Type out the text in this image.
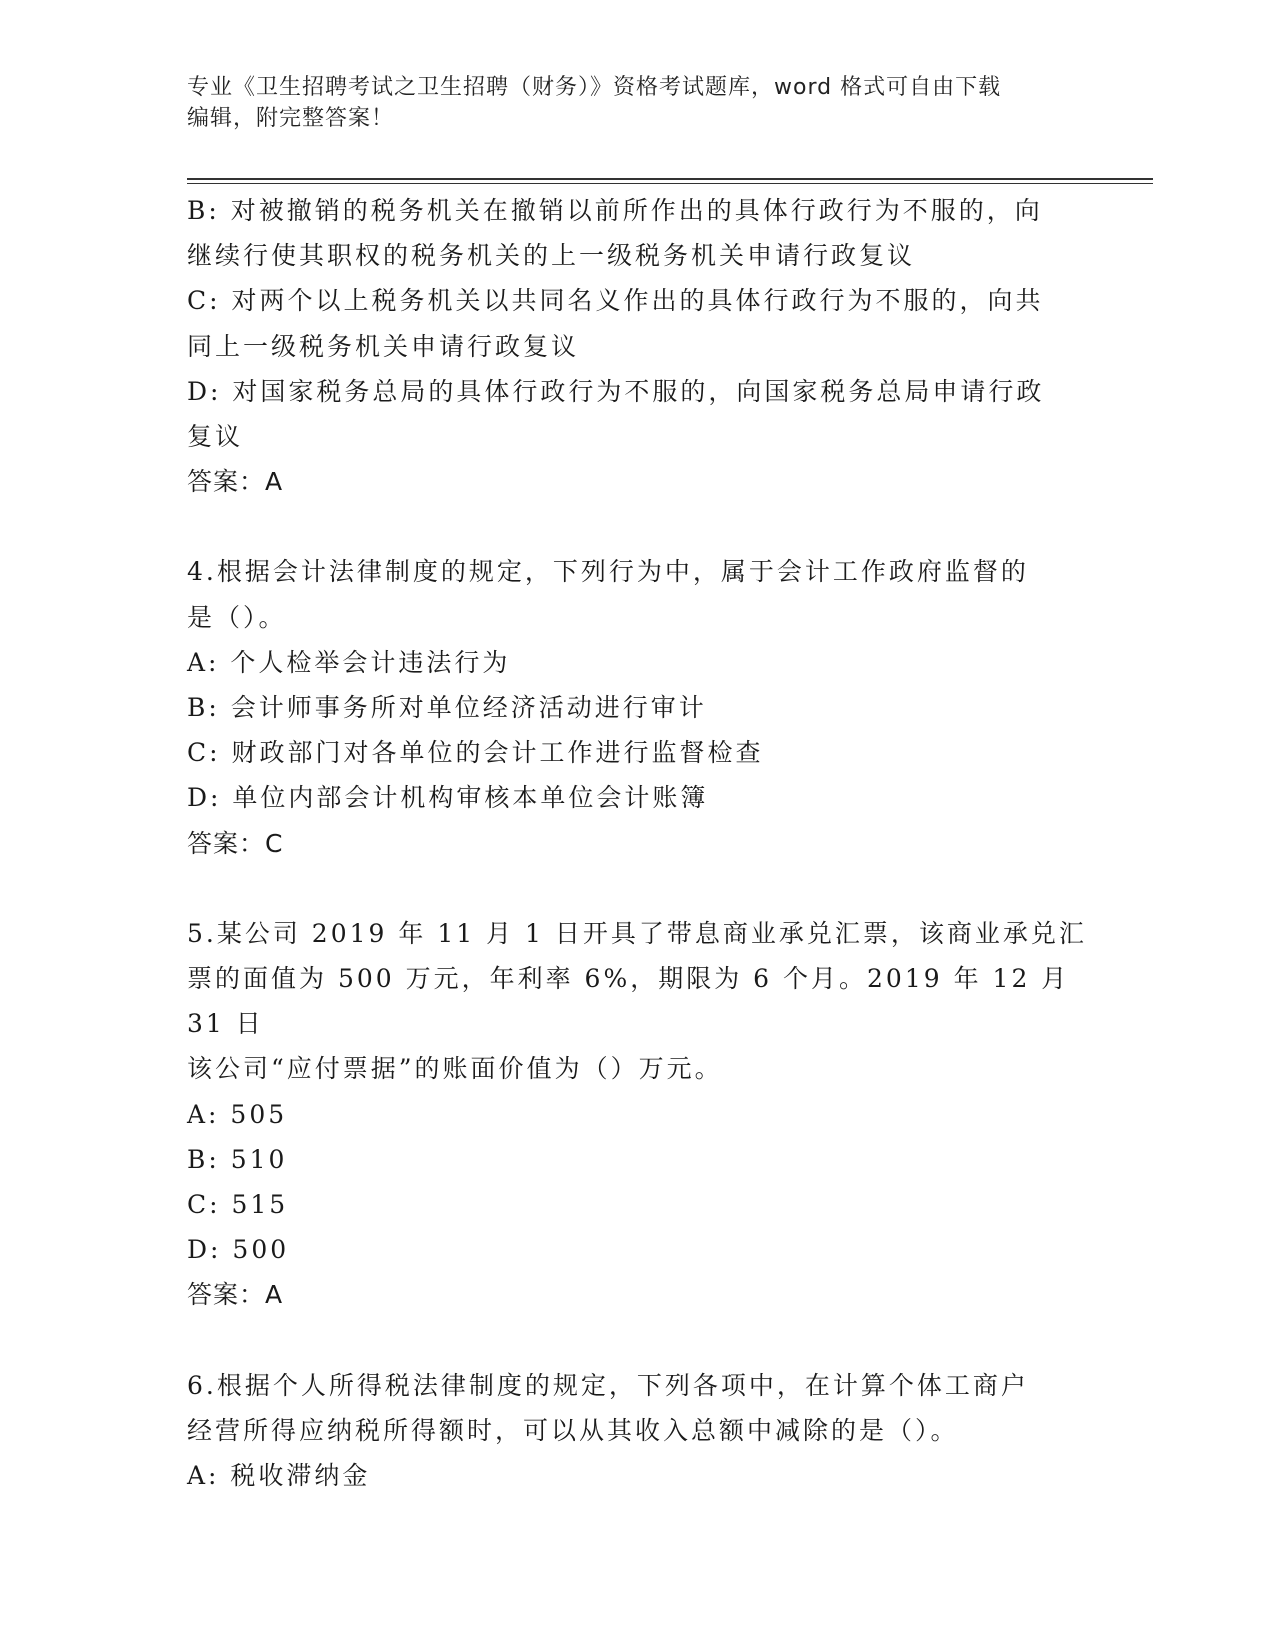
专业《卫生招聘考试之卫生招聘（财务）》资格考试题库，word 格式可自由下载
编辑，附完整答案！

B: 对被撤销的税务机关在撤销以前所作出的具体行政行为不服的，向

继续行使其职权的税务机关的上一级税务机关申请行政复议

C: 对两个以上税务机关以共同名义作出的具体行政行为不服的，向共

同上一级税务机关申请行政复议

D: 对国家税务总局的具体行政行为不服的，向国家税务总局申请行政

复议

答案：A

4.根据会计法律制度的规定，下列行为中，属于会计工作政府监督的

是（）。

A: 个人检举会计违法行为

B: 会计师事务所对单位经济活动进行审计

C: 财政部门对各单位的会计工作进行监督检查

D: 单位内部会计机构审核本单位会计账簿

答案：C

5.某公司 2019 年 11 月 1 日开具了带息商业承兑汇票，该商业承兑汇

票的面值为 500 万元，年利率 6%，期限为 6 个月。2019 年 12 月 31 日

该公司“应付票据”的账面价值为（）万元。

A: 505

B: 510

C: 515

D: 500

答案：A

6.根据个人所得税法律制度的规定，下列各项中，在计算个体工商户

经营所得应纳税所得额时，可以从其收入总额中减除的是（）。

A: 税收滞纳金
